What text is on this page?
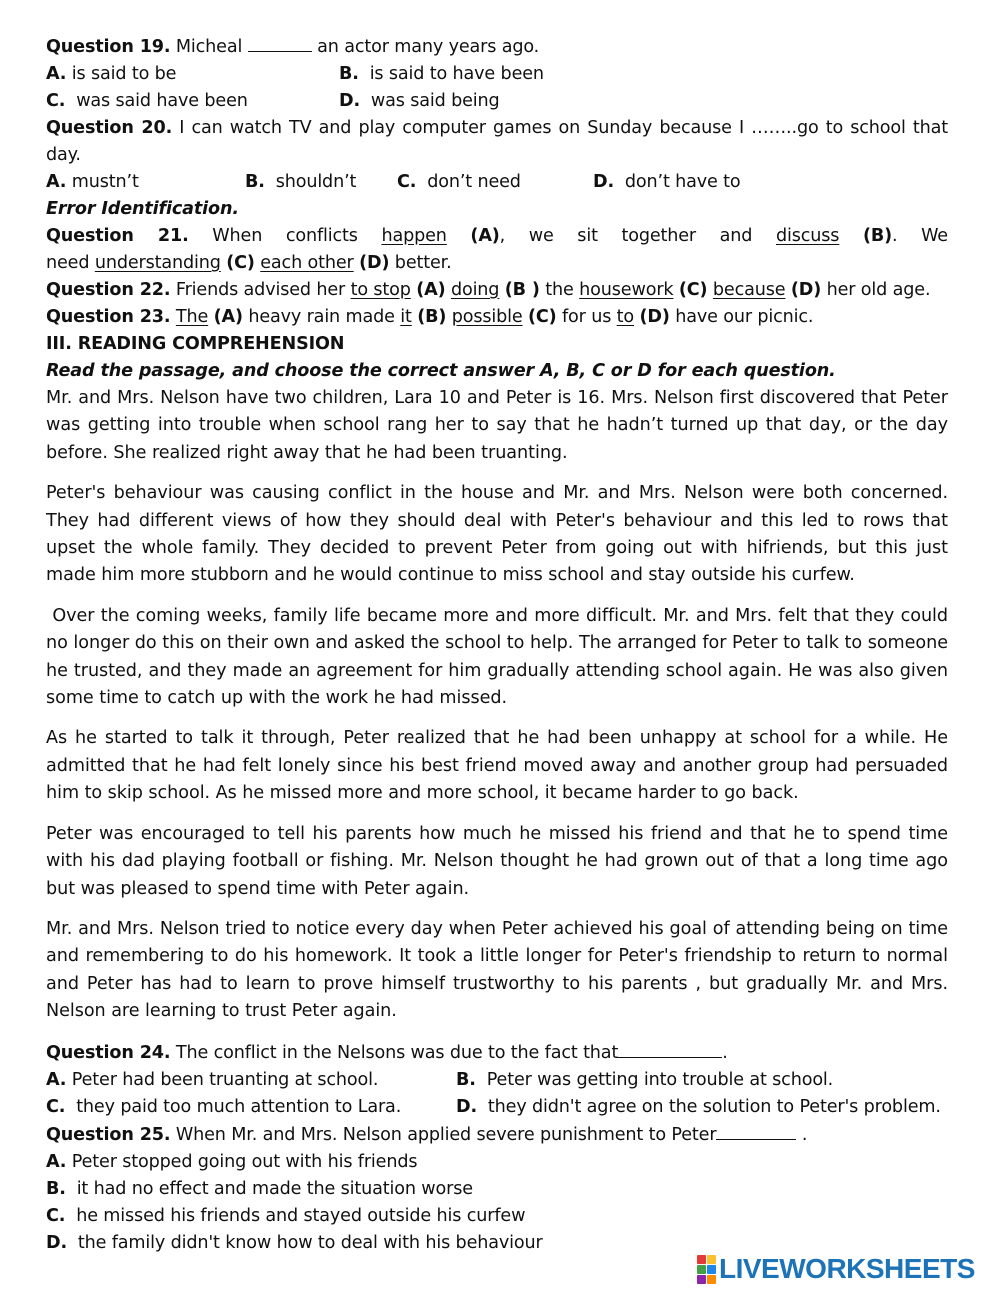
Question 19. Micheal	an actor many years ago.
A. is said to be	B. is said to have been
C. was said have been	D. was said being
Question 20. I can watch TV and play computer games on Sunday because I ……..go to school that
day.
A. mustn’t	B. shouldn’t	C. don’t need	D. don’t have to
Error Identification.
Question 21. When conflicts happen (A), we sit together and discuss (B). We
need understanding (C) each other (D) better.
Question 22. Friends advised her to stop (A) doing (B ) the housework (C) because (D) her old age.
Question 23. The (A) heavy rain made it (B) possible (C) for us to (D) have our picnic.
III. READING COMPREHENSION
Read the passage, and choose the correct answer A, B, C or D for each question.

Mr. and Mrs. Nelson have two children, Lara 10 and Peter is 16. Mrs. Nelson first discovered that Peter was getting into trouble when school rang her to say that he hadn’t turned up that day, or the day before. She realized right away that he had been truanting.

Peter's behaviour was causing conflict in the house and Mr. and Mrs. Nelson were both concerned. They had different views of how they should deal with Peter's behaviour and this led to rows that upset the whole family. They decided to prevent Peter from going out with hifriends, but this just made him more stubborn and he would continue to miss school and stay outside his curfew.

Over the coming weeks, family life became more and more difficult. Mr. and Mrs. felt that they could no longer do this on their own and asked the school to help. The arranged for Peter to talk to someone he trusted, and they made an agreement for him gradually attending school again. He was also given some time to catch up with the work he had missed.

As he started to talk it through, Peter realized that he had been unhappy at school for a while. He admitted that he had felt lonely since his best friend moved away and another group had persuaded him to skip school. As he missed more and more school, it became harder to go back.

Peter was encouraged to tell his parents how much he missed his friend and that he to spend time with his dad playing football or fishing. Mr. Nelson thought he had grown out of that a long time ago but was pleased to spend time with Peter again.

Mr. and Mrs. Nelson tried to notice every day when Peter achieved his goal of attending being on time and remembering to do his homework. It took a little longer for Peter's friendship to return to normal and Peter has had to learn to prove himself trustworthy to his parents , but gradually Mr. and Mrs. Nelson are learning to trust Peter again.

Question 24. The conflict in the Nelsons was due to the fact that	.
A. Peter had been truanting at school.	B. Peter was getting into trouble at school.
C. they paid too much attention to Lara.	D. they didn't agree on the solution to Peter's problem.
Question 25. When Mr. and Mrs. Nelson applied severe punishment to Peter	.
A. Peter stopped going out with his friends
B. it had no effect and made the situation worse
C. he missed his friends and stayed outside his curfew
D. the family didn't know how to deal with his behaviour
LIVEWORKSHEETS
